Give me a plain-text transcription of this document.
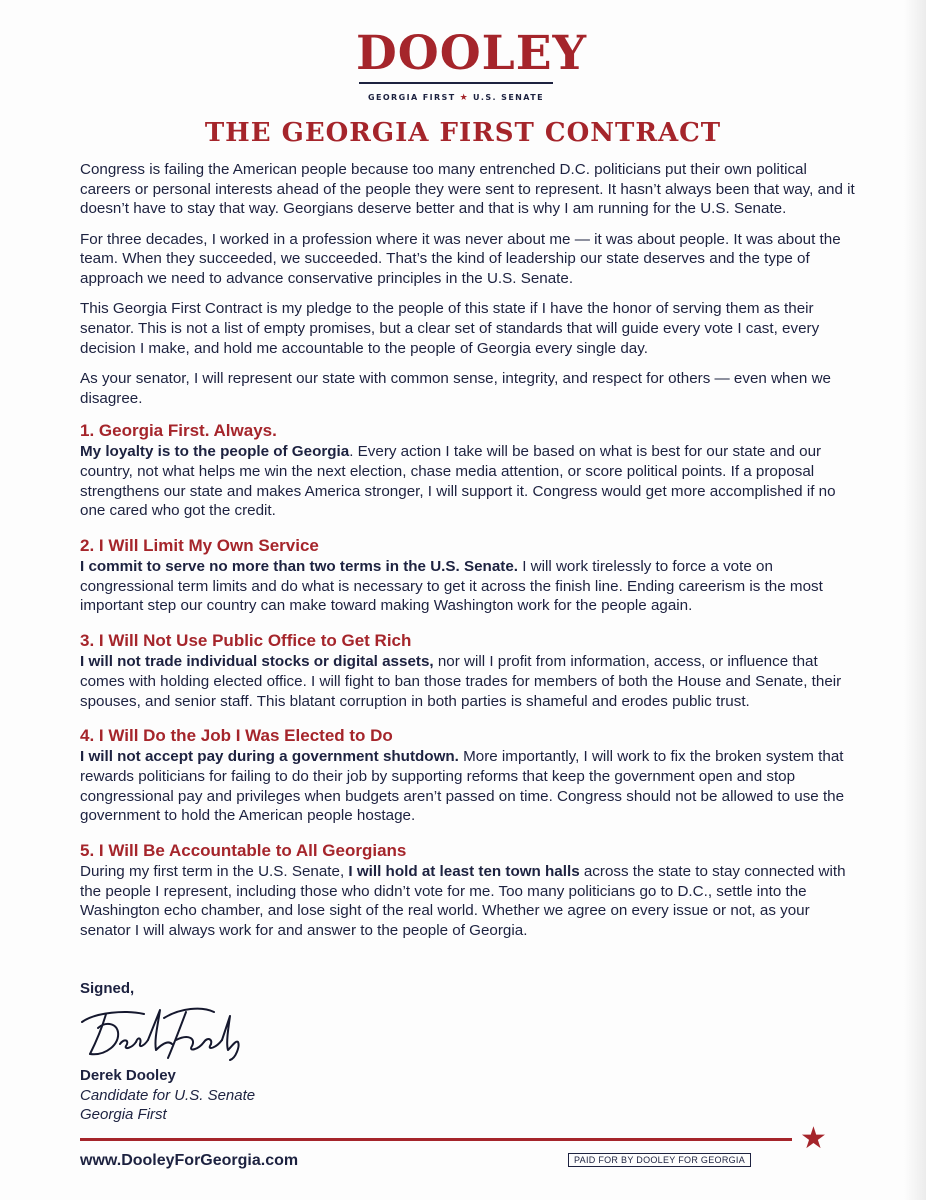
DOOLEY
GEORGIA FIRST ★ U.S. SENATE
THE GEORGIA FIRST CONTRACT

Congress is failing the American people because too many entrenched D.C. politicians put their own political careers or personal interests ahead of the people they were sent to represent. It hasn’t always been that way, and it doesn’t have to stay that way. Georgians deserve better and that is why I am running for the U.S. Senate.

For three decades, I worked in a profession where it was never about me — it was about people. It was about the team. When they succeeded, we succeeded. That’s the kind of leadership our state deserves and the type of approach we need to advance conservative principles in the U.S. Senate.

This Georgia First Contract is my pledge to the people of this state if I have the honor of serving them as their senator. This is not a list of empty promises, but a clear set of standards that will guide every vote I cast, every decision I make, and hold me accountable to the people of Georgia every single day.

As your senator, I will represent our state with common sense, integrity, and respect for others — even when we disagree.

1. Georgia First. Always.

My loyalty is to the people of Georgia. Every action I take will be based on what is best for our state and our country, not what helps me win the next election, chase media attention, or score political points. If a proposal strengthens our state and makes America stronger, I will support it. Congress would get more accomplished if no one cared who got the credit.

2. I Will Limit My Own Service

I commit to serve no more than two terms in the U.S. Senate. I will work tirelessly to force a vote on congressional term limits and do what is necessary to get it across the finish line. Ending careerism is the most important step our country can make toward making Washington work for the people again.

3. I Will Not Use Public Office to Get Rich

I will not trade individual stocks or digital assets, nor will I profit from information, access, or influence that comes with holding elected office. I will fight to ban those trades for members of both the House and Senate, their spouses, and senior staff. This blatant corruption in both parties is shameful and erodes public trust.

4. I Will Do the Job I Was Elected to Do

I will not accept pay during a government shutdown. More importantly, I will work to fix the broken system that rewards politicians for failing to do their job by supporting reforms that keep the government open and stop congressional pay and privileges when budgets aren’t passed on time. Congress should not be allowed to use the government to hold the American people hostage.

5. I Will Be Accountable to All Georgians

During my first term in the U.S. Senate, I will hold at least ten town halls across the state to stay connected with the people I represent, including those who didn’t vote for me. Too many politicians go to D.C., settle into the Washington echo chamber, and lose sight of the real world. Whether we agree on every issue or not, as your senator I will always work for and answer to the people of Georgia.

Signed,
Derek Dooley
Candidate for U.S. Senate
Georgia First
★
www.DooleyForGeorgia.com	PAID FOR BY DOOLEY FOR GEORGIA
